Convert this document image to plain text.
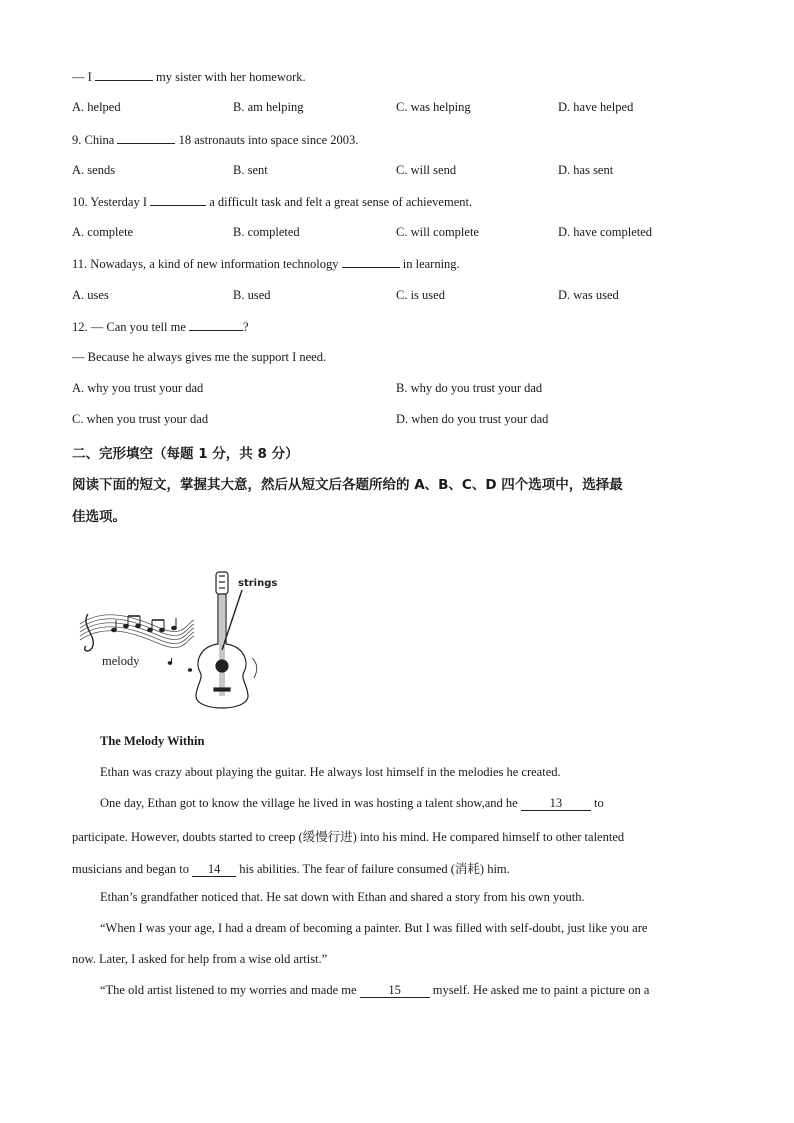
— I	my sister with her homework.
A. helped	B. am helping	C. was helping	D. have helped
9. China	18 astronauts into space since 2003.
A. sends	B. sent	C. will send	D. has sent
10. Yesterday I	a difficult task and felt a great sense of achievement.
A. complete	B. completed	C. will complete	D. have completed
11. Nowadays, a kind of new information technology	in learning.
A. uses	B. used	C. is used	D. was used
12. — Can you tell me	?
— Because he always gives me the support I need.
A. why you trust your dad	B. why do you trust your dad
C. when you trust your dad	D. when do you trust your dad
二、完形填空（每题 1 分，共 8 分）
阅读下面的短文，掌握其大意，然后从短文后各题所给的 A、B、C、D 四个选项中，选择最
佳选项。
strings
melody
The Melody Within
Ethan was crazy about playing the guitar. He always lost himself in the melodies he created.
One day, Ethan got to know the village he lived in was hosting a talent show,and he 13 to
participate. However, doubts started to creep (缓慢行进) into his mind. He compared himself to other talented
musicians and began to 14 his abilities. The fear of failure consumed (消耗) him.
Ethan’s grandfather noticed that. He sat down with Ethan and shared a story from his own youth.
“When I was your age, I had a dream of becoming a painter. But I was filled with self-doubt, just like you are
now. Later, I asked for help from a wise old artist.”
“The old artist listened to my worries and made me 15 myself. He asked me to paint a picture on a
